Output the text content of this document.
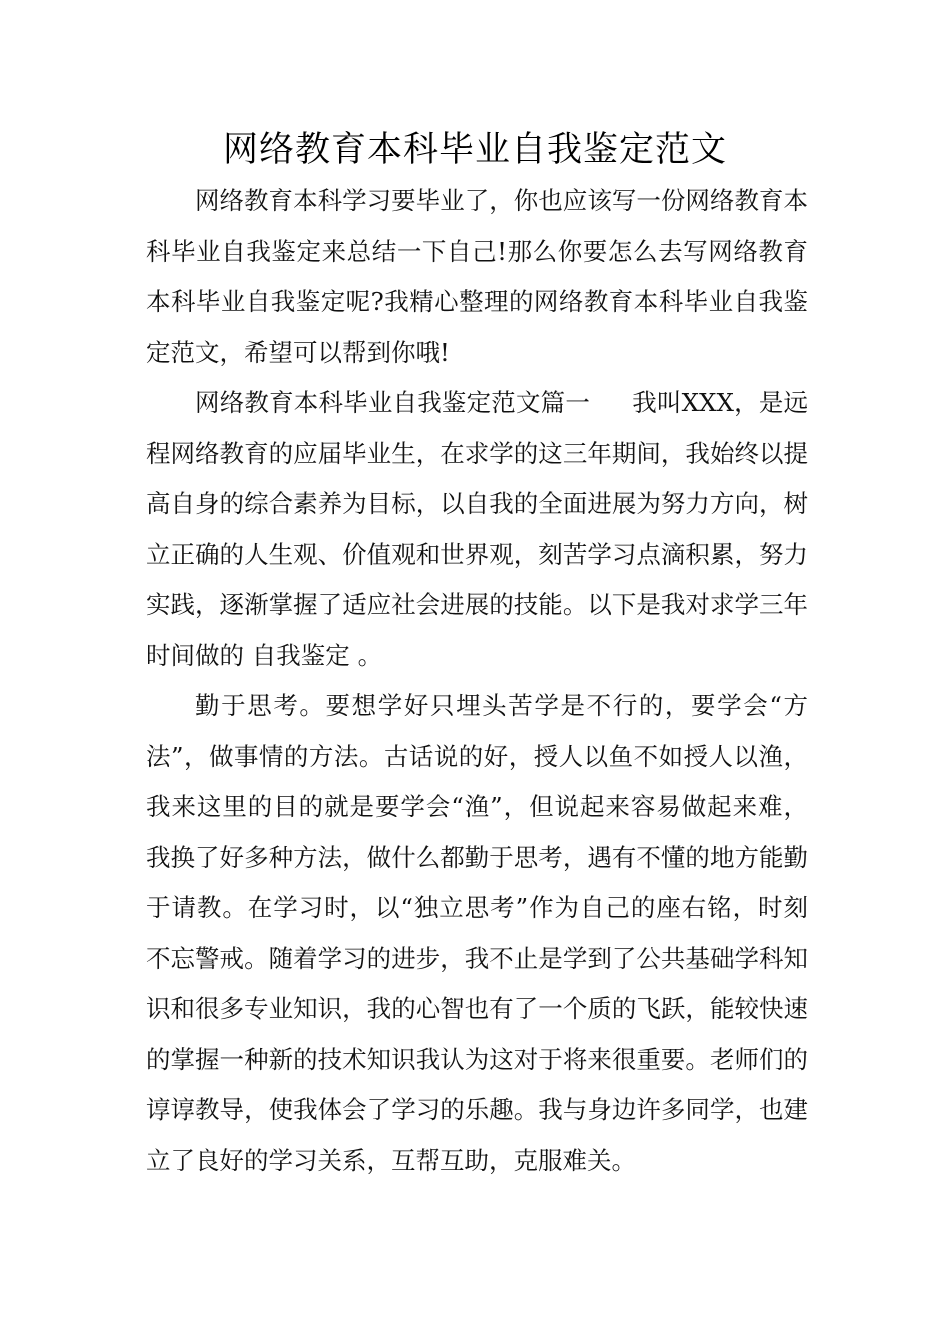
网络教育本科毕业自我鉴定范文

网络教育本科学习要毕业了，你也应该写一份网络教育本科毕业自我鉴定来总结一下自己!那么你要怎么去写网络教育本科毕业自我鉴定呢?我精心整理的网络教育本科毕业自我鉴定范文，希望可以帮到你哦!

网络教育本科毕业自我鉴定范文篇一 我叫XXX，是远程网络教育的应届毕业生，在求学的这三年期间，我始终以提高自身的综合素养为目标，以自我的全面进展为努力方向，树立正确的人生观、价值观和世界观，刻苦学习点滴积累，努力实践，逐渐掌握了适应社会进展的技能。以下是我对求学三年时间做的 自我鉴定 。

勤于思考。要想学好只埋头苦学是不行的，要学会“方法”，做事情的方法。古话说的好，授人以鱼不如授人以渔，我来这里的目的就是要学会“渔”，但说起来容易做起来难，我换了好多种方法，做什么都勤于思考，遇有不懂的地方能勤于请教。在学习时，以“独立思考”作为自己的座右铭，时刻不忘警戒。随着学习的进步，我不止是学到了公共基础学科知识和很多专业知识，我的心智也有了一个质的飞跃，能较快速的掌握一种新的技术知识我认为这对于将来很重要。老师们的谆谆教导，使我体会了学习的乐趣。我与身边许多同学，也建立了良好的学习关系，互帮互助，克服难关。
